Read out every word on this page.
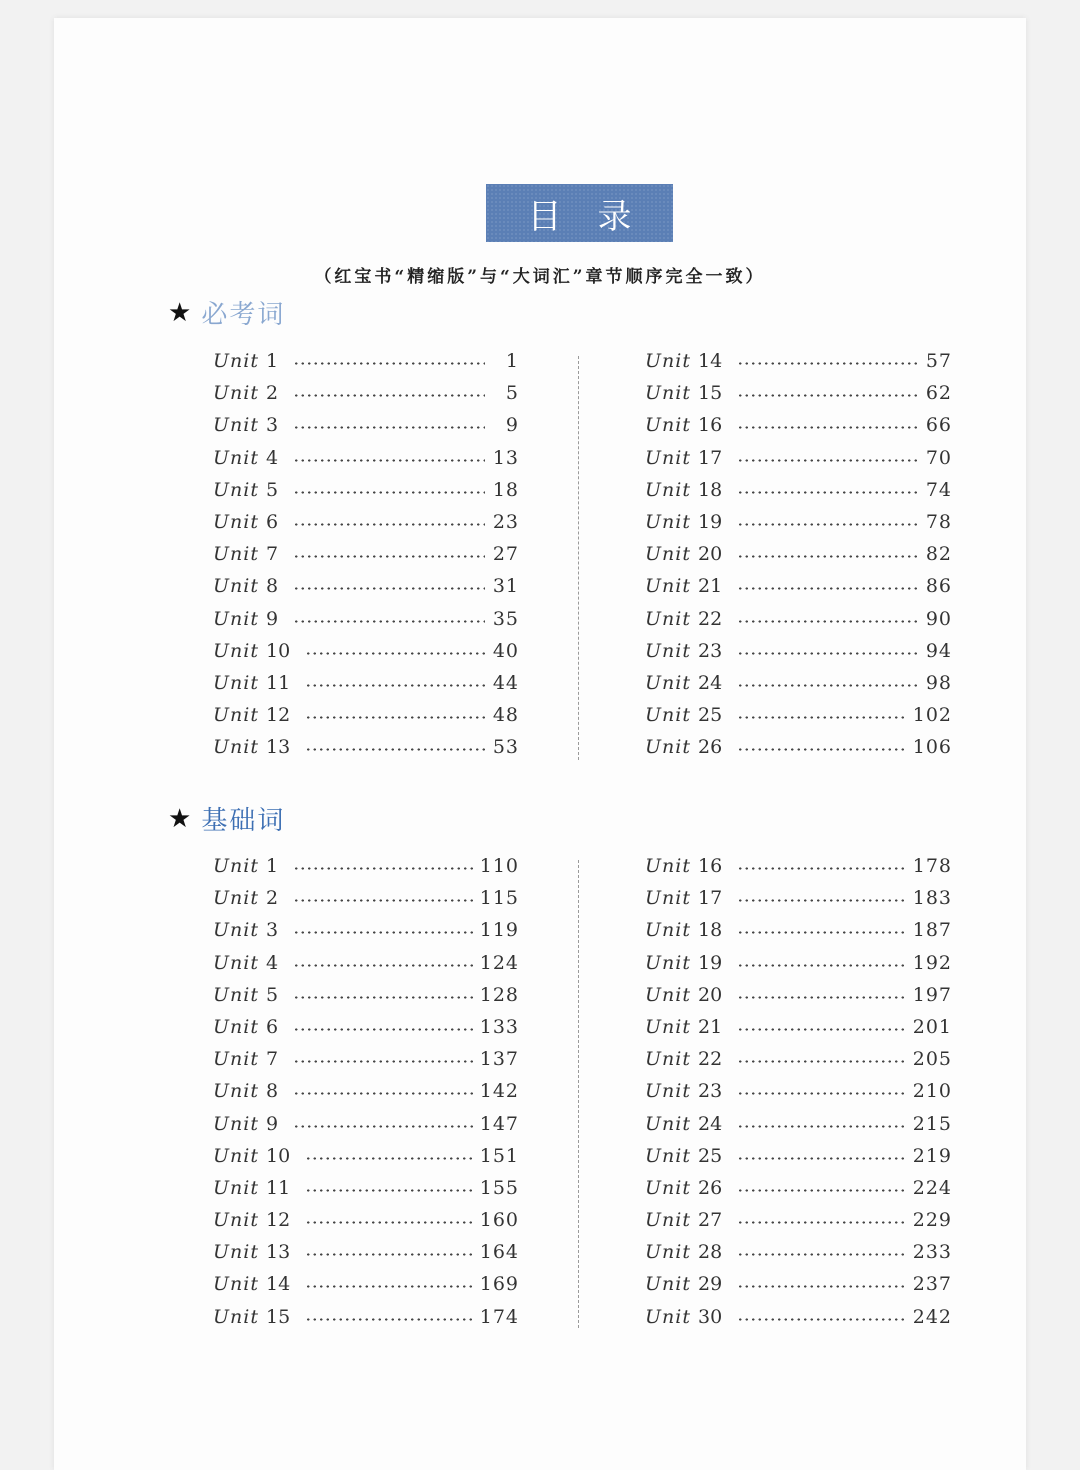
目录
（红宝书“精缩版”与“大词汇”章节顺序完全一致）
★ 必考词
Unit 1	1
Unit 2	5
Unit 3	9
Unit 4	13
Unit 5	18
Unit 6	23
Unit 7	27
Unit 8	31
Unit 9	35
Unit 10	40
Unit 11	44
Unit 12	48
Unit 13	53
Unit 14	57
Unit 15	62
Unit 16	66
Unit 17	70
Unit 18	74
Unit 19	78
Unit 20	82
Unit 21	86
Unit 22	90
Unit 23	94
Unit 24	98
Unit 25	102
Unit 26	106
★ 基础词
Unit 1	110
Unit 2	115
Unit 3	119
Unit 4	124
Unit 5	128
Unit 6	133
Unit 7	137
Unit 8	142
Unit 9	147
Unit 10	151
Unit 11	155
Unit 12	160
Unit 13	164
Unit 14	169
Unit 15	174
Unit 16	178
Unit 17	183
Unit 18	187
Unit 19	192
Unit 20	197
Unit 21	201
Unit 22	205
Unit 23	210
Unit 24	215
Unit 25	219
Unit 26	224
Unit 27	229
Unit 28	233
Unit 29	237
Unit 30	242
